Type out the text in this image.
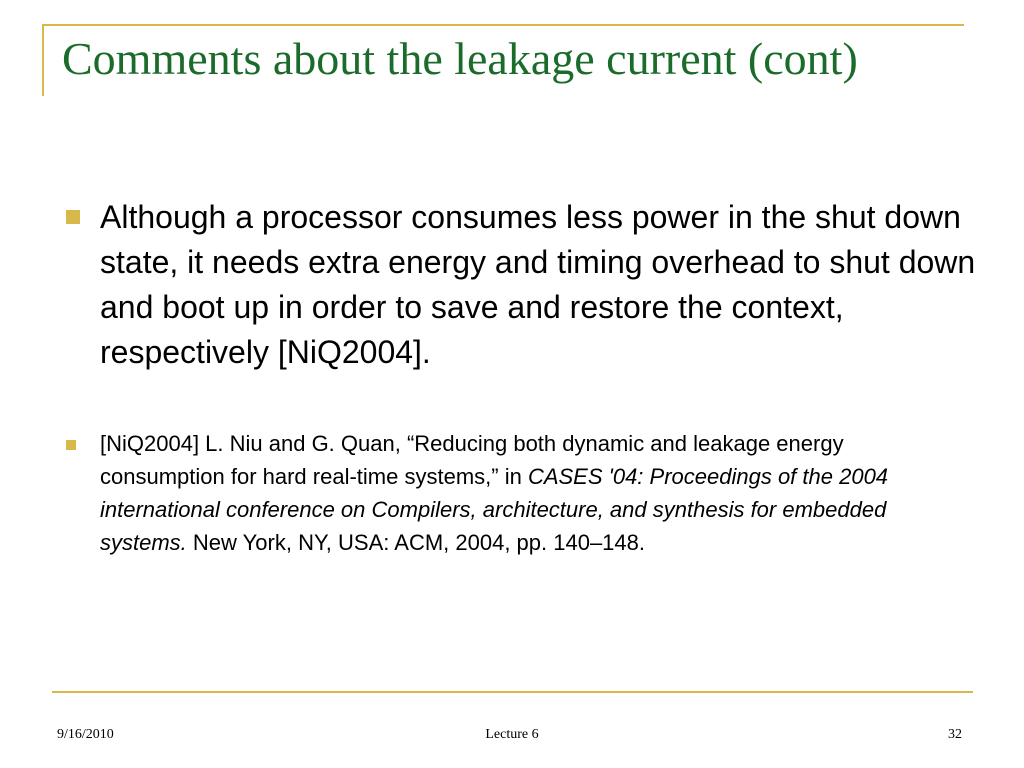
Comments about the leakage current (cont)
Although a processor consumes less power in the shut down state, it needs extra energy and timing overhead to shut down and boot up in order to save and restore the context, respectively [NiQ2004].
[NiQ2004] L. Niu and G. Quan, “Reducing both dynamic and leakage energy consumption for hard real-time systems,” in CASES '04: Proceedings of the 2004 international conference on Compilers, architecture, and synthesis for embedded systems. New York, NY, USA: ACM, 2004, pp. 140–148.
9/16/2010	Lecture 6	32
